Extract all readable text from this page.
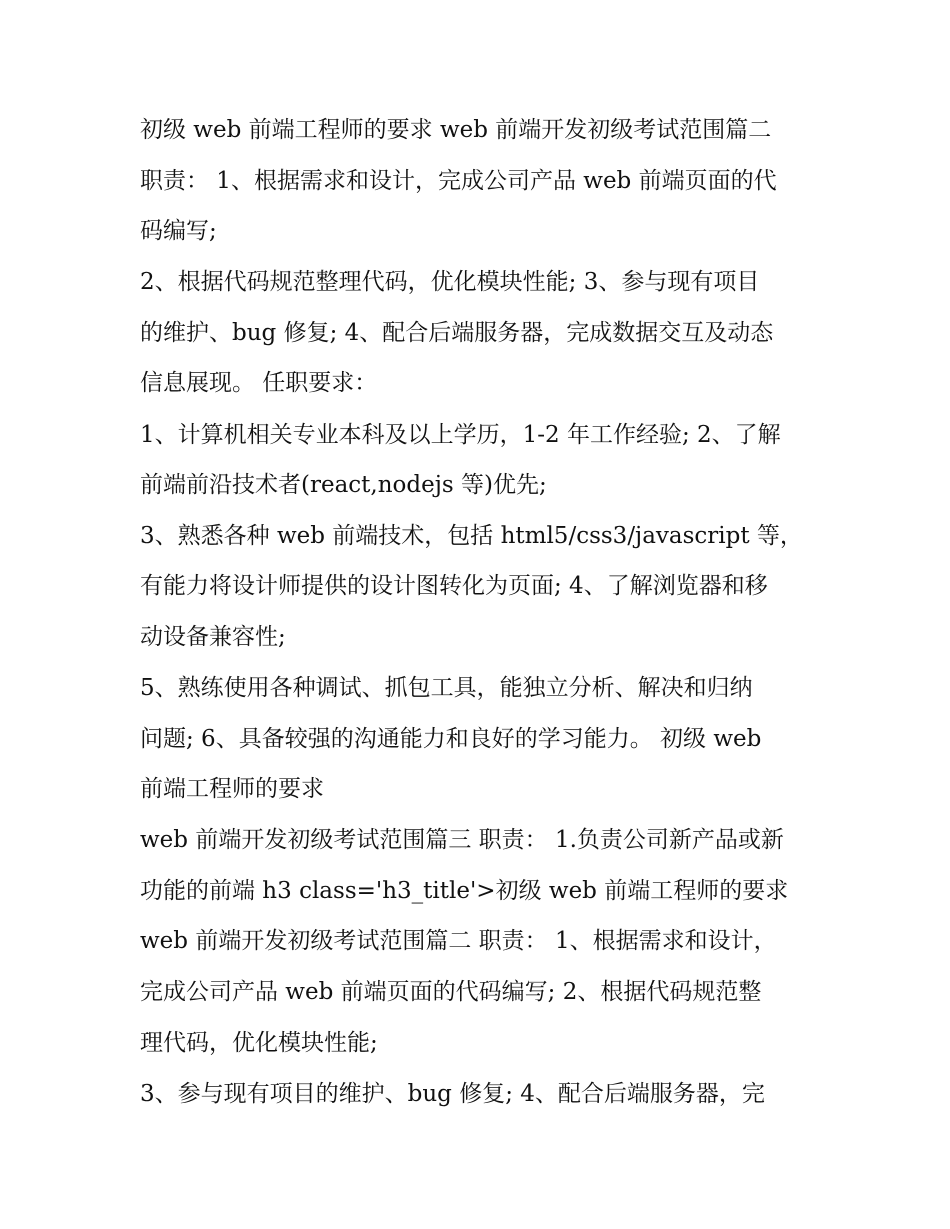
初级 web 前端工程师的要求 web 前端开发初级考试范围篇二

职责： 1、根据需求和设计，完成公司产品 web 前端页面的代

码编写;

2、根据代码规范整理代码，优化模块性能; 3、参与现有项目

的维护、bug 修复; 4、配合后端服务器，完成数据交互及动态

信息展现。 任职要求：

1、计算机相关专业本科及以上学历，1-2 年工作经验; 2、了解

前端前沿技术者(react,nodejs 等)优先;

3、熟悉各种 web 前端技术，包括 html5/css3/javascript 等，

有能力将设计师提供的设计图转化为页面; 4、了解浏览器和移

动设备兼容性;

5、熟练使用各种调试、抓包工具，能独立分析、解决和归纳

问题; 6、具备较强的沟通能力和良好的学习能力。 初级 web

前端工程师的要求

web 前端开发初级考试范围篇三 职责： 1.负责公司新产品或新

功能的前端 h3 class='h3_title'>初级 web 前端工程师的要求

web 前端开发初级考试范围篇二 职责： 1、根据需求和设计，

完成公司产品 web 前端页面的代码编写; 2、根据代码规范整

理代码，优化模块性能;

3、参与现有项目的维护、bug 修复; 4、配合后端服务器，完
